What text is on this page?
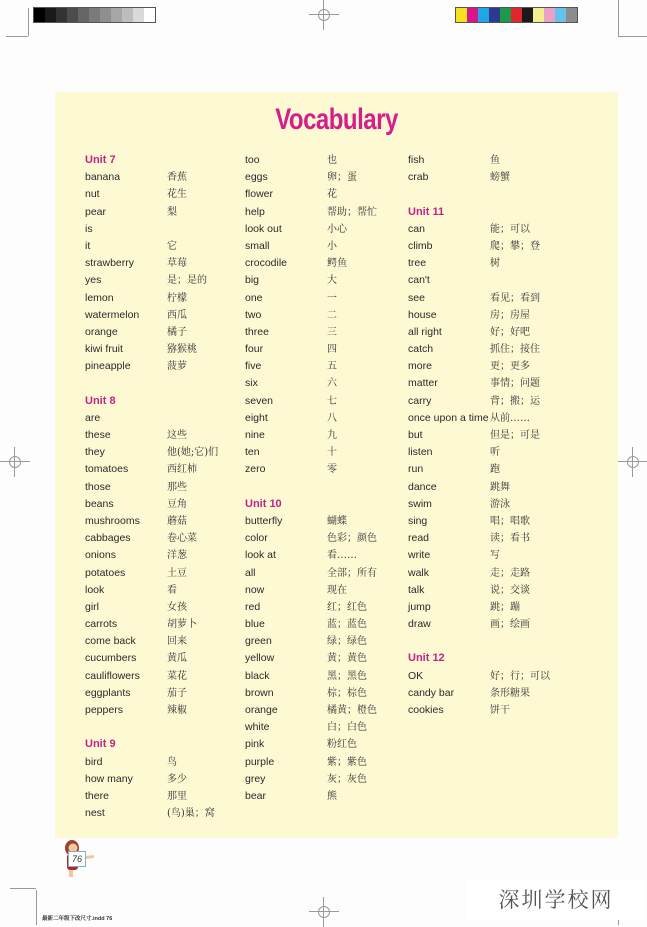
Vocabulary
Unit 7
banana	香蕉
nut	花生
pear	梨
is
it	它
strawberry	草莓
yes	是；是的
lemon	柠檬
watermelon	西瓜
orange	橘子
kiwi fruit	猕猴桃
pineapple	菠萝
Unit 8
are
these	这些
they	他(她;它)们
tomatoes	西红柿
those	那些
beans	豆角
mushrooms	蘑菇
cabbages	卷心菜
onions	洋葱
potatoes	土豆
look	看
girl	女孩
carrots	胡萝卜
come back	回来
cucumbers	黄瓜
cauliflowers	菜花
eggplants	茄子
peppers	辣椒
Unit 9
bird	鸟
how many	多少
there	那里
nest	(鸟)巢；窝
too	也
eggs	卵；蛋
flower	花
help	帮助；帮忙
look out	小心
small	小
crocodile	鳄鱼
big	大
one	一
two	二
three	三
four	四
five	五
six	六
seven	七
eight	八
nine	九
ten	十
zero	零
Unit 10
butterfly	蝴蝶
color	色彩；颜色
look at	看……
all	全部；所有
now	现在
red	红；红色
blue	蓝；蓝色
green	绿；绿色
yellow	黄；黄色
black	黑；黑色
brown	棕；棕色
orange	橘黄；橙色
white	白；白色
pink	粉红色
purple	紫；紫色
grey	灰；灰色
bear	熊
fish	鱼
crab	螃蟹
Unit 11
can	能；可以
climb	爬；攀；登
tree	树
can't
see	看见；看到
house	房；房屋
all right	好；好吧
catch	抓住；接住
more	更；更多
matter	事情；问题
carry	背；搬；运
once upon a time 从前……
but	但是；可是
listen	听
run	跑
dance	跳舞
swim	游泳
sing	唱；唱歌
read	读；看书
write	写
walk	走；走路
talk	说；交谈
jump	跳；蹦
draw	画；绘画
Unit 12
OK	好；行；可以
candy bar	条形糖果
cookies	饼干
76
最新二年级下改尺寸.indd 76
深圳学校网
